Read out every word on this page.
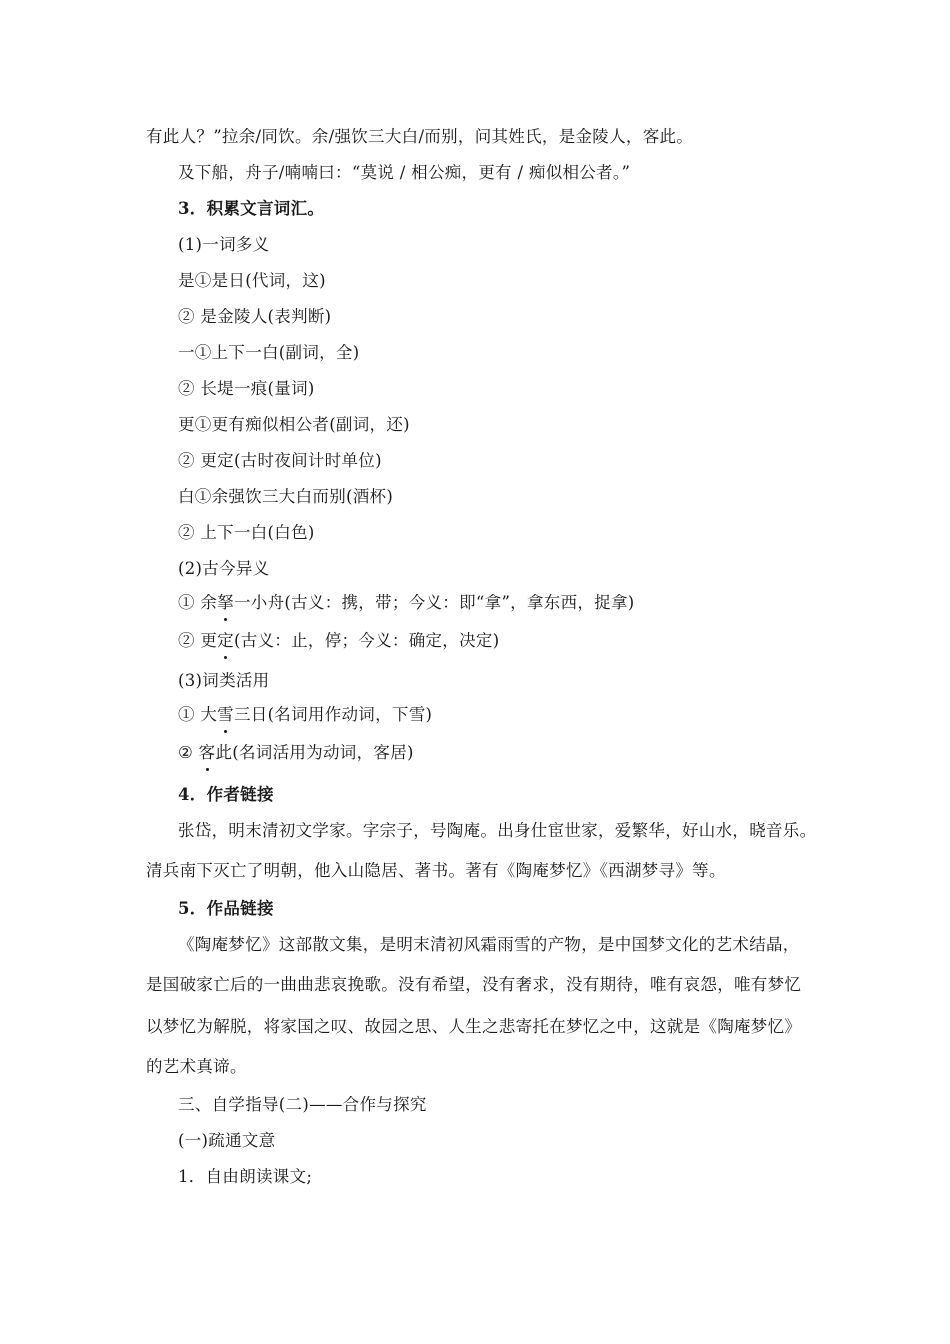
有此人？”拉余/同饮。余/强饮三大白/而别，问其姓氏，是金陵人，客此。
及下船，舟子/喃喃曰：“莫说 / 相公痴，更有 / 痴似相公者。”
3．积累文言词汇。
(1)一词多义
是①是日(代词，这)
② 是金陵人(表判断)
一①上下一白(副词，全)
② 长堤一痕(量词)
更①更有痴似相公者(副词，还)
② 更定(古时夜间计时单位)
白①余强饮三大白而别(酒杯)
② 上下一白(白色)
(2)古今异义
① 余拏一小舟(古义：携，带；今义：即“拿”，拿东西，捉拿)
② 更定(古义：止，停；今义：确定，决定)
(3)词类活用
① 大雪三日(名词用作动词，下雪)
② 客此(名词活用为动词，客居)
4．作者链接
张岱，明末清初文学家。字宗子，号陶庵。出身仕宦世家，爱繁华，好山水，晓音乐。
清兵南下灭亡了明朝，他入山隐居、著书。著有《陶庵梦忆》《西湖梦寻》等。
5．作品链接
《陶庵梦忆》这部散文集，是明末清初风霜雨雪的产物，是中国梦文化的艺术结晶，
是国破家亡后的一曲曲悲哀挽歌。没有希望，没有奢求，没有期待，唯有哀怨，唯有梦忆
以梦忆为解脱，将家国之叹、故园之思、人生之悲寄托在梦忆之中，这就是《陶庵梦忆》
的艺术真谛。
三、自学指导(二)——合作与探究
(一)疏通文意
1．自由朗读课文;
